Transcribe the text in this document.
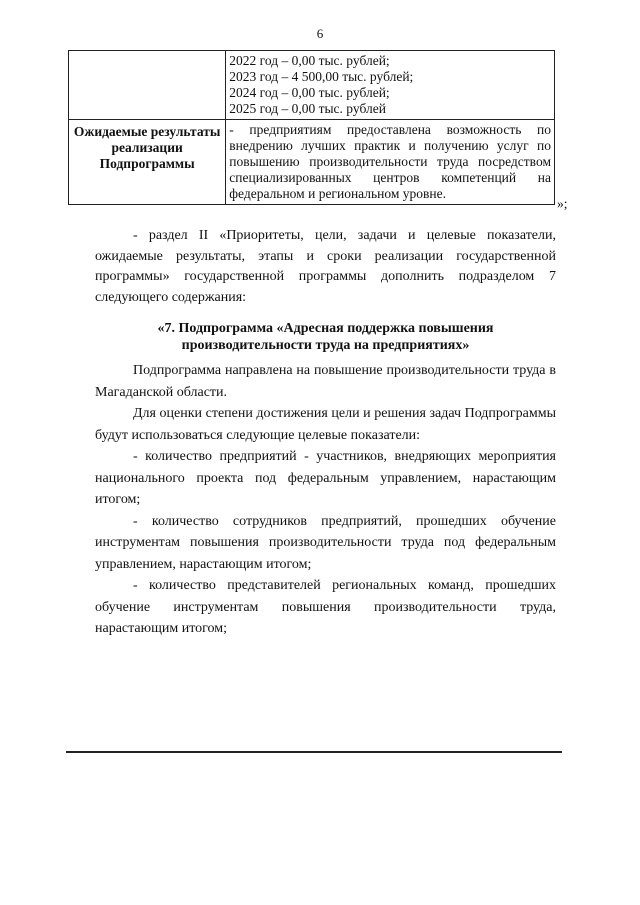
6

	2022 год – 0,00 тыс. рублей;
2023 год – 4 500,00 тыс. рублей;
2024 год – 0,00 тыс. рублей;
2025 год – 0,00 тыс. рублей

Ожидаемые результаты реализации Подпрограммы	- предприятиям предоставлена возможность по внедрению лучших практик и получению услуг по повышению производительности труда посредством специализированных центров компетенций на федеральном и региональном уровне.
»;

- раздел II «Приоритеты, цели, задачи и целевые показатели, ожидаемые результаты, этапы и сроки реализации государственной программы» государственной программы дополнить подразделом 7 следующего содержания:

«7. Подпрограмма «Адресная поддержка повышения производительности труда на предприятиях»

Подпрограмма направлена на повышение производительности труда в Магаданской области.

Для оценки степени достижения цели и решения задач Подпрограммы будут использоваться следующие целевые показатели:

- количество предприятий - участников, внедряющих мероприятия национального проекта под федеральным управлением, нарастающим итогом;

- количество сотрудников предприятий, прошедших обучение инструментам повышения производительности труда под федеральным управлением, нарастающим итогом;

- количество представителей региональных команд, прошедших обучение инструментам повышения производительности труда, нарастающим итогом;
